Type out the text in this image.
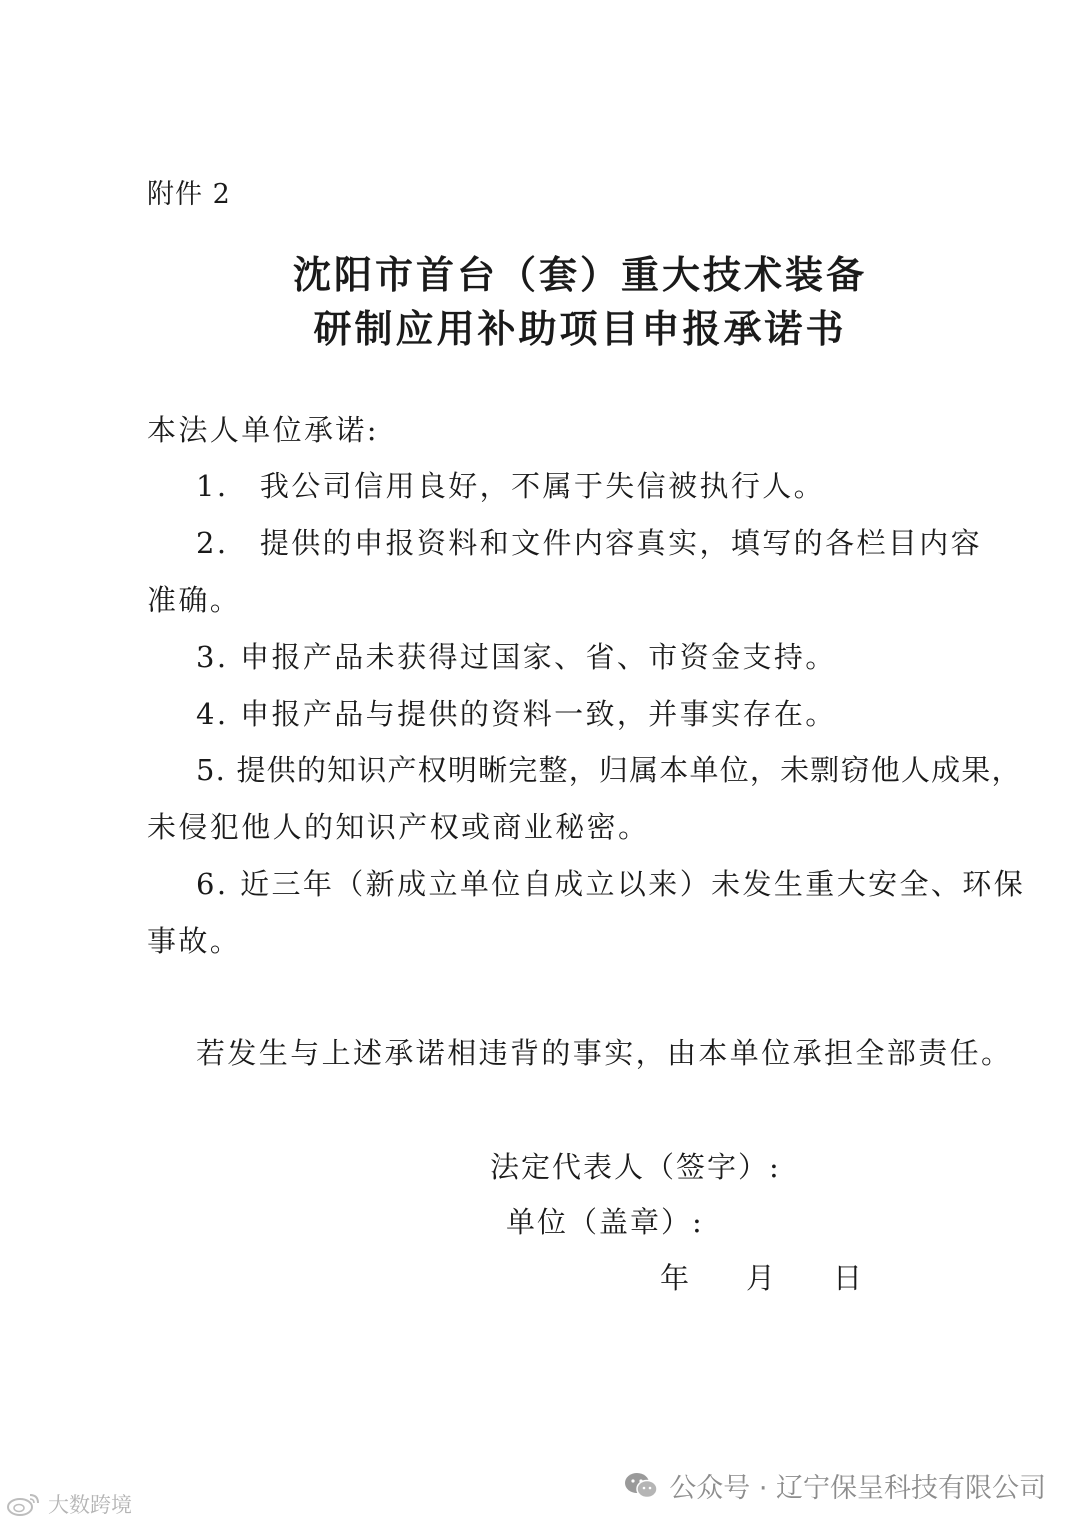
附件 2
沈阳市首台（套）重大技术装备
研制应用补助项目申报承诺书
本法人单位承诺:
1.　我公司信用良好，不属于失信被执行人。
2.　提供的申报资料和文件内容真实，填写的各栏目内容
准确。
3. 申报产品未获得过国家、省、市资金支持。
4. 申报产品与提供的资料一致，并事实存在。
5. 提供的知识产权明晰完整，归属本单位，未剽窃他人成果，
未侵犯他人的知识产权或商业秘密。
6. 近三年（新成立单位自成立以来）未发生重大安全、环保
事故。
若发生与上述承诺相违背的事实，由本单位承担全部责任。
法定代表人（签字）:
单位（盖章）:
年 月 日
公众号 · 辽宁保呈科技有限公司
大数跨境
